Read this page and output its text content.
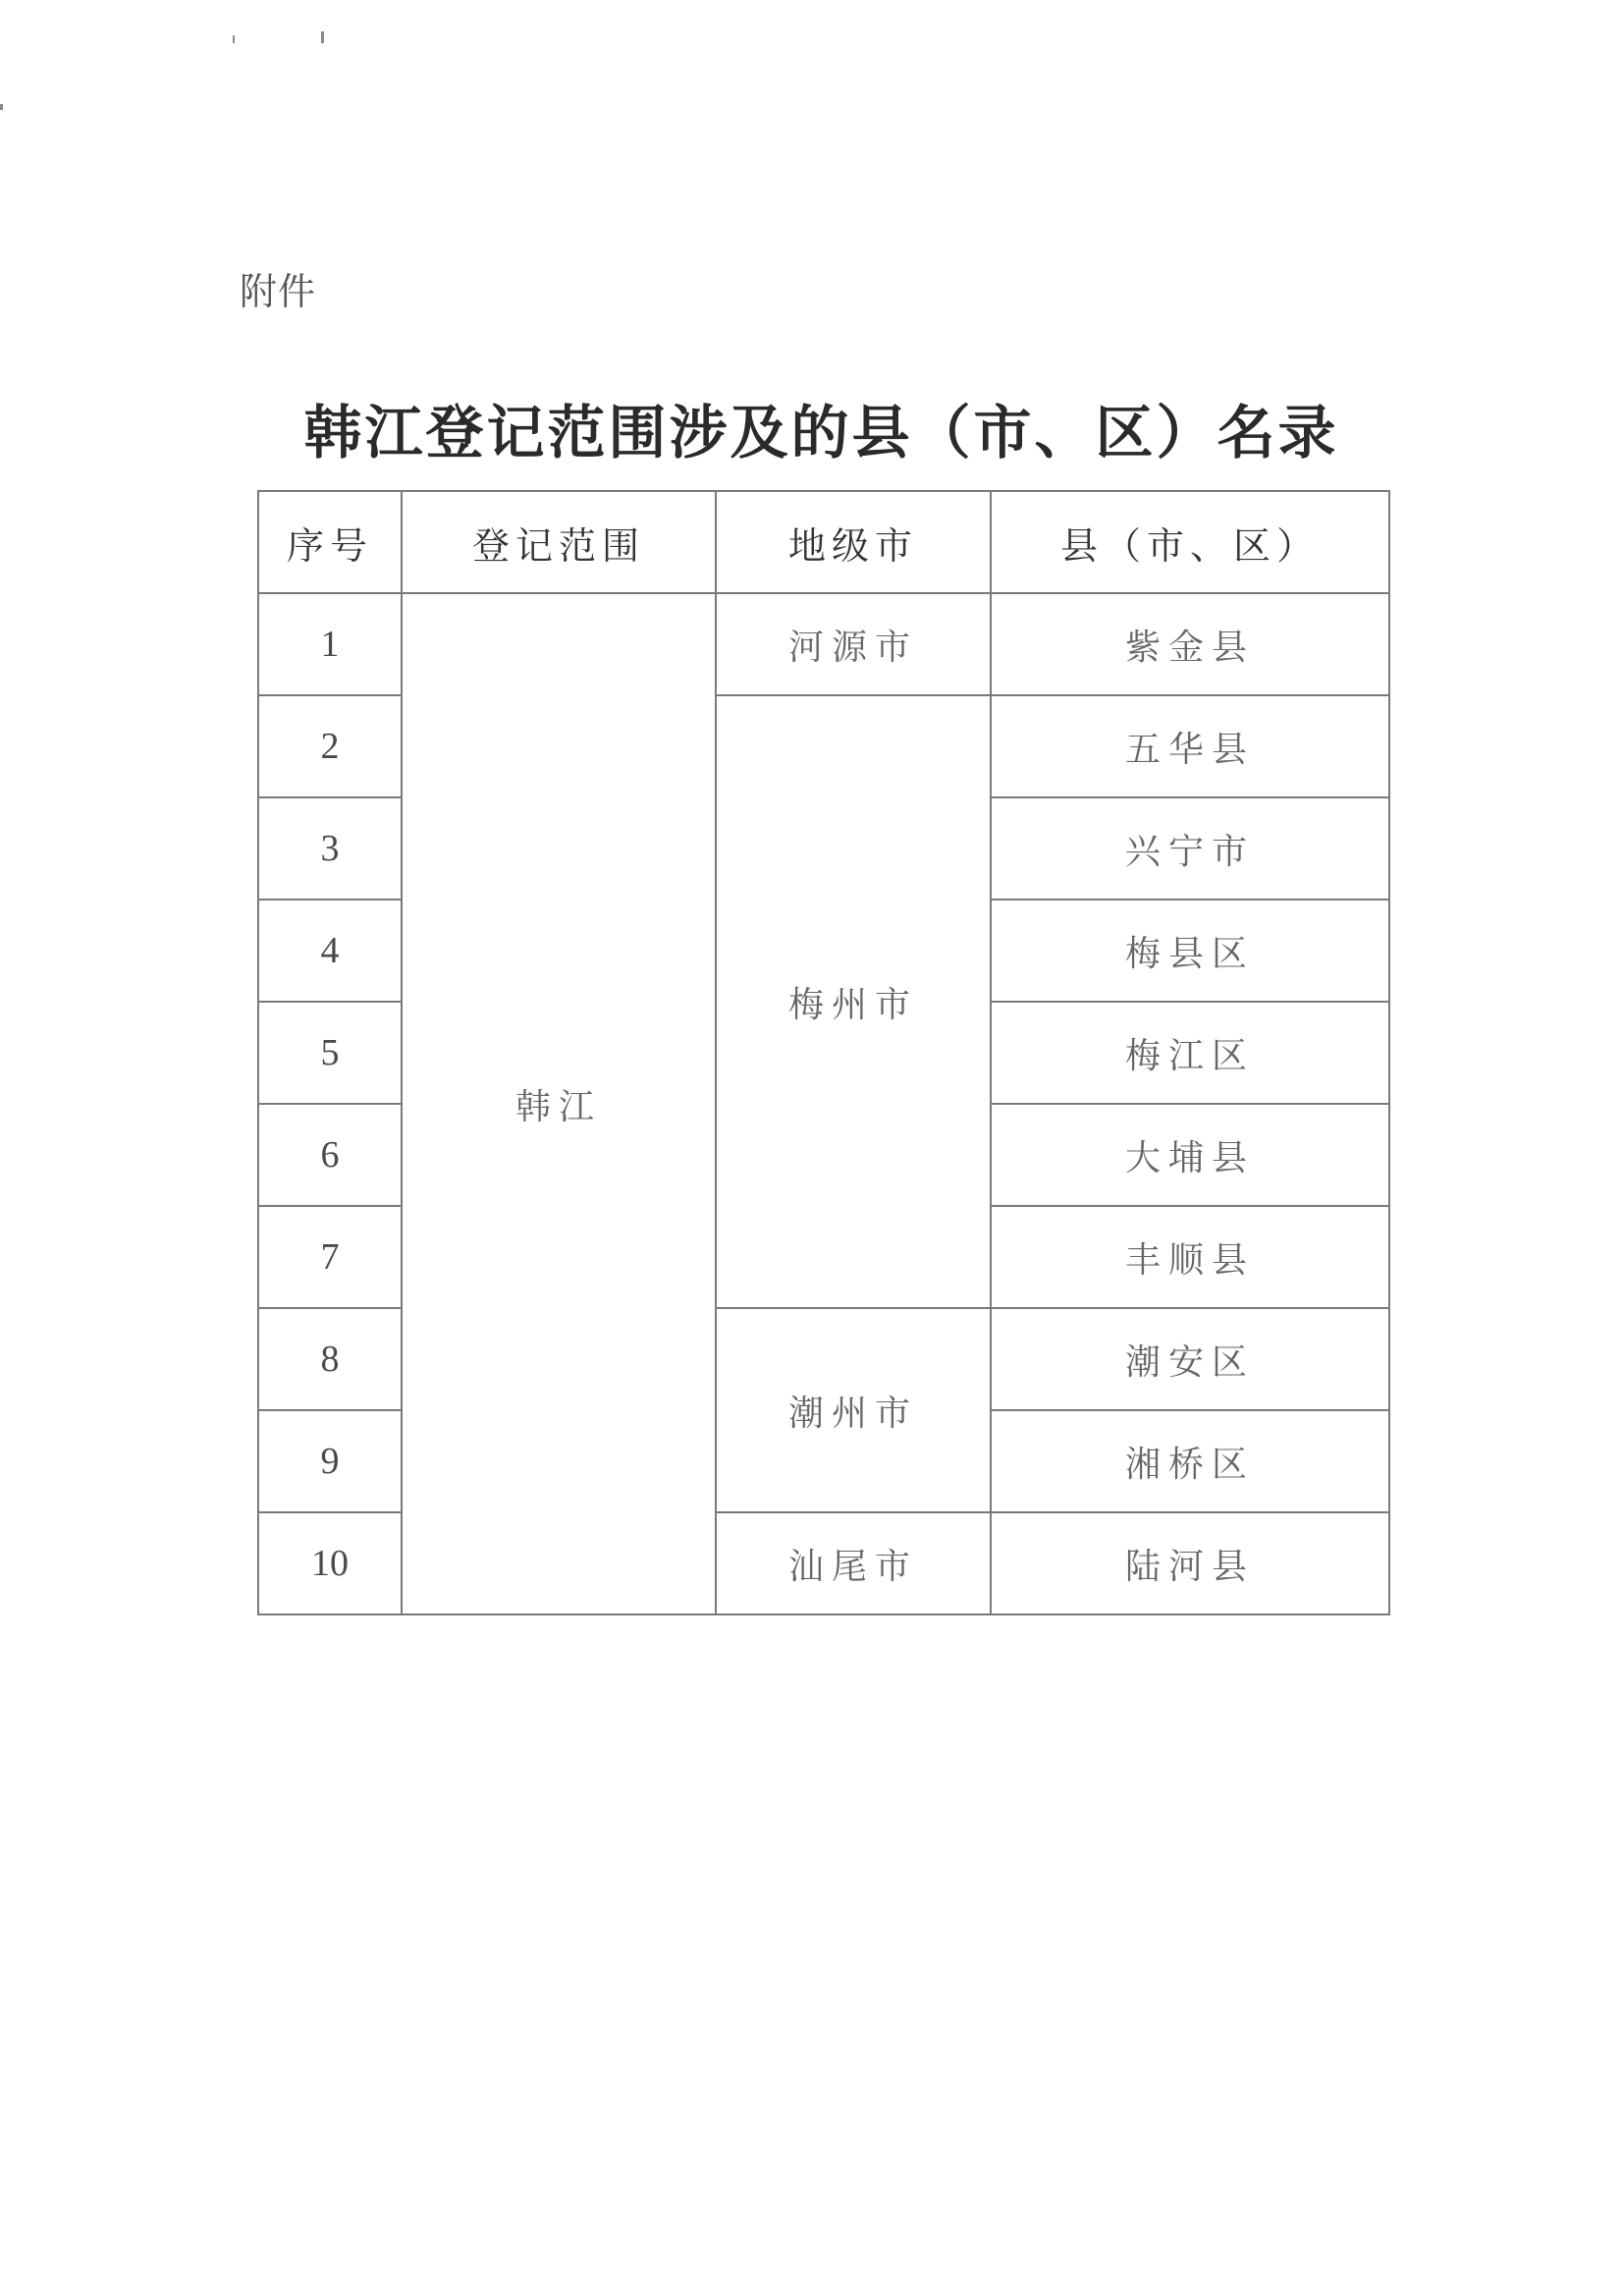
附件
韩江登记范围涉及的县（市、区）名录
序号	登记范围	地级市	县（市、区）
1	韩江	河源市	紫金县
2		梅州市	五华县
3			兴宁市
4			梅县区
5			梅江区
6			大埔县
7			丰顺县
8		潮州市	潮安区
9			湘桥区
10		汕尾市	陆河县
